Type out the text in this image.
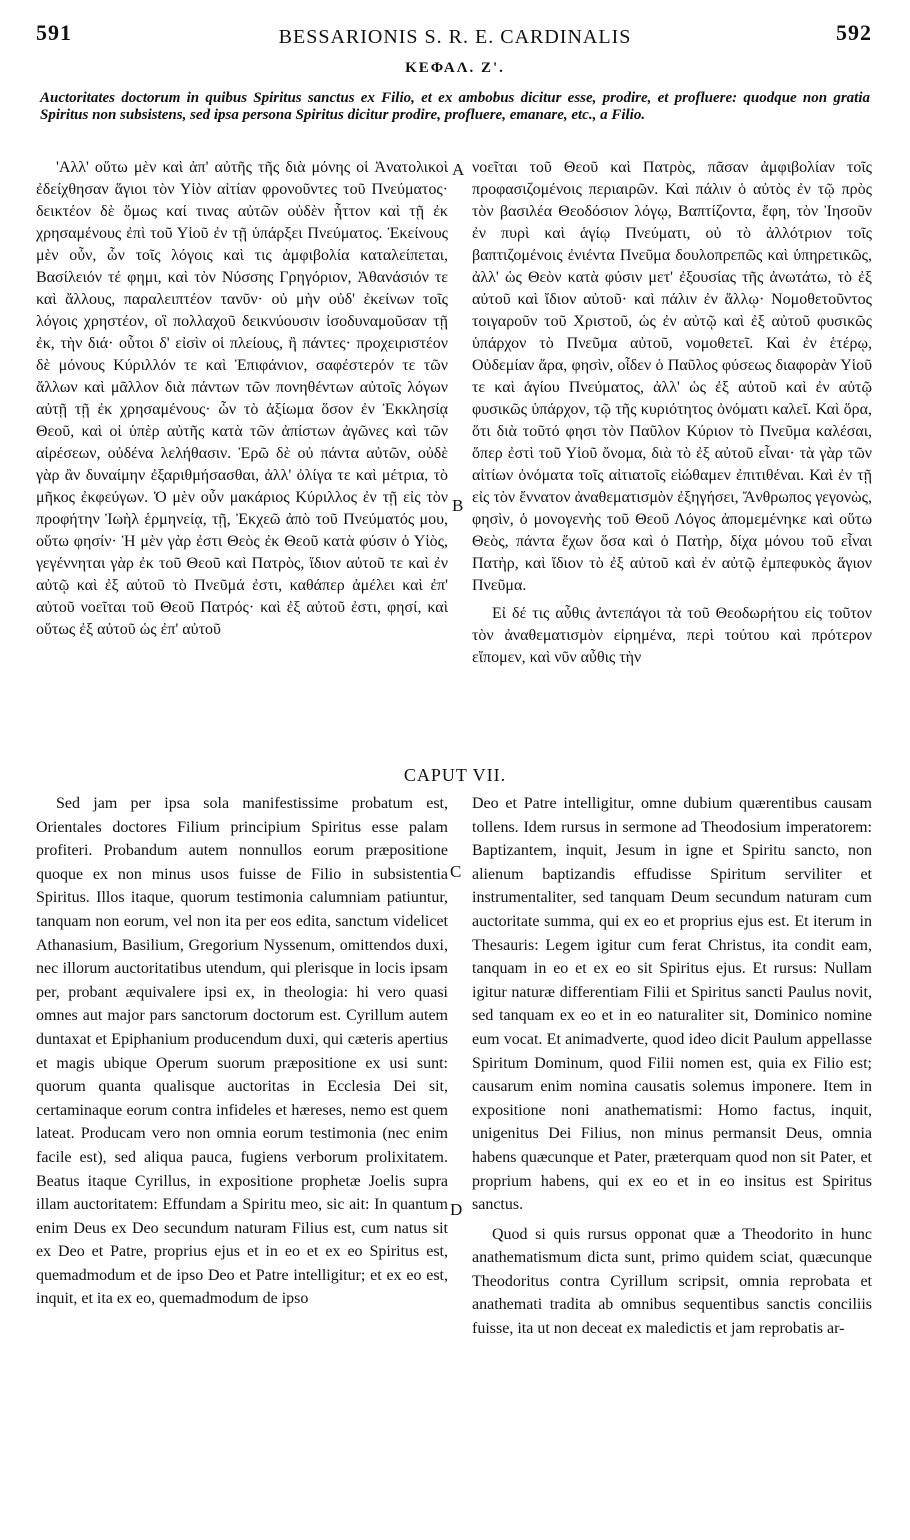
591	BESSARIONIS S. R. E. CARDINALIS	592
ΚΕΦΑΛ. Ζ'.
Auctoritates doctorum in quibus Spiritus sanctus ex Filio, et ex ambobus dicitur esse, prodire, et profluere: quodque non gratia Spiritus non subsistens, sed ipsa persona Spiritus dicitur prodire, profluere, emanare, etc., a Filio.

'Αλλ' οὕτω μὲν καὶ ἀπ' αὐτῆς τῆς διὰ μόνης οἱ Ἀνατολικοὶ ἐδείχθησαν ἅγιοι τὸν Υἱὸν αἰτίαν φρονοῦντες τοῦ Πνεύματος· δεικτέον δὲ ὅμως καί τινας αὐτῶν οὐδὲν ἧττον καὶ τῇ ἐκ χρησαμένους ἐπὶ τοῦ Υἱοῦ ἐν τῇ ὑπάρξει Πνεύματος. Ἐκείνους μὲν οὖν, ὧν τοῖς λόγοις καὶ τις ἀμφιβολία καταλείπεται, Βασίλειόν τέ φημι, καὶ τὸν Νύσσης Γρηγόριον, Ἀθανάσιόν τε καὶ ἄλλους, παραλειπτέον τανῦν· οὐ μὴν οὐδ' ἐκείνων τοῖς λόγοις χρηστέον, οἳ πολλαχοῦ δεικνύουσιν ἰσοδυναμοῦσαν τῇ ἐκ, τὴν διά· οὗτοι δ' εἰσὶν οἱ πλείους, ἢ πάντες· προχειριστέον δὲ μόνους Κύριλλόν τε καὶ Ἐπιφάνιον, σαφέστερόν τε τῶν ἄλλων καὶ μᾶλλον διὰ πάντων τῶν πονηθέντων αὐτοῖς λόγων αὐτῇ τῇ ἐκ χρησαμένους· ὧν τὸ ἀξίωμα ὅσον ἐν Ἐκκλησίᾳ Θεοῦ, καὶ οἱ ὑπὲρ αὐτῆς κατὰ τῶν ἀπίστων ἀγῶνες καὶ τῶν αἱρέσεων, οὐδένα λελήθασιν. Ἐρῶ δὲ οὐ πάντα αὐτῶν, οὐδὲ γὰρ ἂν δυναίμην ἐξαριθμήσασθαι, ἀλλ' ὀλίγα τε καὶ μέτρια, τὸ μῆκος ἐκφεύγων. Ὁ μὲν οὖν μακάριος Κύριλλος ἐν τῇ εἰς τὸν προφήτην Ἰωὴλ ἑρμηνείᾳ, τῇ, Ἐκχεῶ ἀπὸ τοῦ Πνεύματός μου, οὕτω φησίν· Ἡ μὲν γὰρ ἐστι Θεὸς ἐκ Θεοῦ κατὰ φύσιν ὁ Υἱὸς, γεγέννηται γὰρ ἐκ τοῦ Θεοῦ καὶ Πατρὸς, ἴδιον αὐτοῦ τε καὶ ἐν αὐτῷ καὶ ἐξ αὐτοῦ τὸ Πνεῦμά ἐστι, καθάπερ ἀμέλει καὶ ἐπ' αὐτοῦ νοεῖται τοῦ Θεοῦ Πατρός· καὶ ἐξ αὐτοῦ ἐστι, φησί, καὶ οὕτως ἐξ αὐτοῦ ὡς ἐπ' αὐτοῦ

νοεῖται τοῦ Θεοῦ καὶ Πατρὸς, πᾶσαν ἀμφιβολίαν τοῖς προφασιζομένοις περιαιρῶν. Καὶ πάλιν ὁ αὐτὸς ἐν τῷ πρὸς τὸν βασιλέα Θεοδόσιον λόγῳ, Βαπτίζοντα, ἔφη, τὸν Ἰησοῦν ἐν πυρὶ καὶ ἁγίῳ Πνεύματι, οὐ τὸ ἀλλότριον τοῖς βαπτιζομένοις ἐνιέντα Πνεῦμα δουλοπρεπῶς καὶ ὑπηρετικῶς, ἀλλ' ὡς Θεὸν κατὰ φύσιν μετ' ἐξουσίας τῆς ἀνωτάτω, τὸ ἐξ αὐτοῦ καὶ ἴδιον αὐτοῦ· καὶ πάλιν ἐν ἄλλῳ· Νομοθετοῦντος τοιγαροῦν τοῦ Χριστοῦ, ὡς ἐν αὐτῷ καὶ ἐξ αὐτοῦ φυσικῶς ὑπάρχον τὸ Πνεῦμα αὐτοῦ, νομοθετεῖ. Καὶ ἐν ἑτέρῳ, Οὐδεμίαν ἄρα, φησὶν, οἶδεν ὁ Παῦλος φύσεως διαφορὰν Υἱοῦ τε καὶ ἁγίου Πνεύματος, ἀλλ' ὡς ἐξ αὐτοῦ καὶ ἐν αὐτῷ φυσικῶς ὑπάρχον, τῷ τῆς κυριότητος ὀνόματι καλεῖ. Καὶ ὅρα, ὅτι διὰ τοῦτό φησι τὸν Παῦλον Κύριον τὸ Πνεῦμα καλέσαι, ὅπερ ἐστὶ τοῦ Υἱοῦ ὄνομα, διὰ τὸ ἐξ αὐτοῦ εἶναι· τὰ γὰρ τῶν αἰτίων ὀνόματα τοῖς αἰτιατοῖς εἰώθαμεν ἐπιτιθέναι. Καὶ ἐν τῇ εἰς τὸν ἔννατον ἀναθεματισμὸν ἐξηγήσει, Ἄνθρωπος γεγονὼς, φησὶν, ὁ μονογενὴς τοῦ Θεοῦ Λόγος ἀπομεμένηκε καὶ οὕτω Θεὸς, πάντα ἔχων ὅσα καὶ ὁ Πατὴρ, δίχα μόνου τοῦ εἶναι Πατὴρ, καὶ ἴδιον τὸ ἐξ αὐτοῦ καὶ ἐν αὐτῷ ἐμπεφυκὸς ἅγιον Πνεῦμα.

Εἰ δέ τις αὖθις ἀντεπάγοι τὰ τοῦ Θεοδωρήτου εἰς τοῦτον τὸν ἀναθεματισμὸν εἰρημένα, περὶ τούτου καὶ πρότερον εἴπομεν, καὶ νῦν αὖθις τὴν

A
B
CAPUT VII.

Sed jam per ipsa sola manifestissime probatum est, Orientales doctores Filium principium Spiritus esse palam profiteri. Probandum autem nonnullos eorum præpositione quoque ex non minus usos fuisse de Filio in subsistentia Spiritus. Illos itaque, quorum testimonia calumniam patiuntur, tanquam non eorum, vel non ita per eos edita, sanctum videlicet Athanasium, Basilium, Gregorium Nyssenum, omittendos duxi, nec illorum auctoritatibus utendum, qui plerisque in locis ipsam per, probant æquivalere ipsi ex, in theologia: hi vero quasi omnes aut major pars sanctorum doctorum est. Cyrillum autem duntaxat et Epiphanium producendum duxi, qui cæteris apertius et magis ubique Operum suorum præpositione ex usi sunt: quorum quanta qualisque auctoritas in Ecclesia Dei sit, certaminaque eorum contra infideles et hæreses, nemo est quem lateat. Producam vero non omnia eorum testimonia (nec enim facile est), sed aliqua pauca, fugiens verborum prolixitatem. Beatus itaque Cyrillus, in expositione prophetæ Joelis supra illam auctoritatem: Effundam a Spiritu meo, sic ait: In quantum enim Deus ex Deo secundum naturam Filius est, cum natus sit ex Deo et Patre, proprius ejus et in eo et ex eo Spiritus est, quemadmodum et de ipso Deo et Patre intelligitur; et ex eo est, inquit, et ita ex eo, quemadmodum de ipso

Deo et Patre intelligitur, omne dubium quærentibus causam tollens. Idem rursus in sermone ad Theodosium imperatorem: Baptizantem, inquit, Jesum in igne et Spiritu sancto, non alienum baptizandis effudisse Spiritum serviliter et instrumentaliter, sed tanquam Deum secundum naturam cum auctoritate summa, qui ex eo et proprius ejus est. Et iterum in Thesauris: Legem igitur cum ferat Christus, ita condit eam, tanquam in eo et ex eo sit Spiritus ejus. Et rursus: Nullam igitur naturæ differentiam Filii et Spiritus sancti Paulus novit, sed tanquam ex eo et in eo naturaliter sit, Dominico nomine eum vocat. Et animadverte, quod ideo dicit Paulum appellasse Spiritum Dominum, quod Filii nomen est, quia ex Filio est; causarum enim nomina causatis solemus imponere. Item in expositione noni anathematismi: Homo factus, inquit, unigenitus Dei Filius, non minus permansit Deus, omnia habens quæcunque et Pater, præterquam quod non sit Pater, et proprium habens, qui ex eo et in eo insitus est Spiritus sanctus.

Quod si quis rursus opponat quæ a Theodorito in hunc anathematismum dicta sunt, primo quidem sciat, quæcunque Theodoritus contra Cyrillum scripsit, omnia reprobata et anathemati tradita ab omnibus sequentibus sanctis conciliis fuisse, ita ut non deceat ex maledictis et jam reprobatis ar-

C
D
